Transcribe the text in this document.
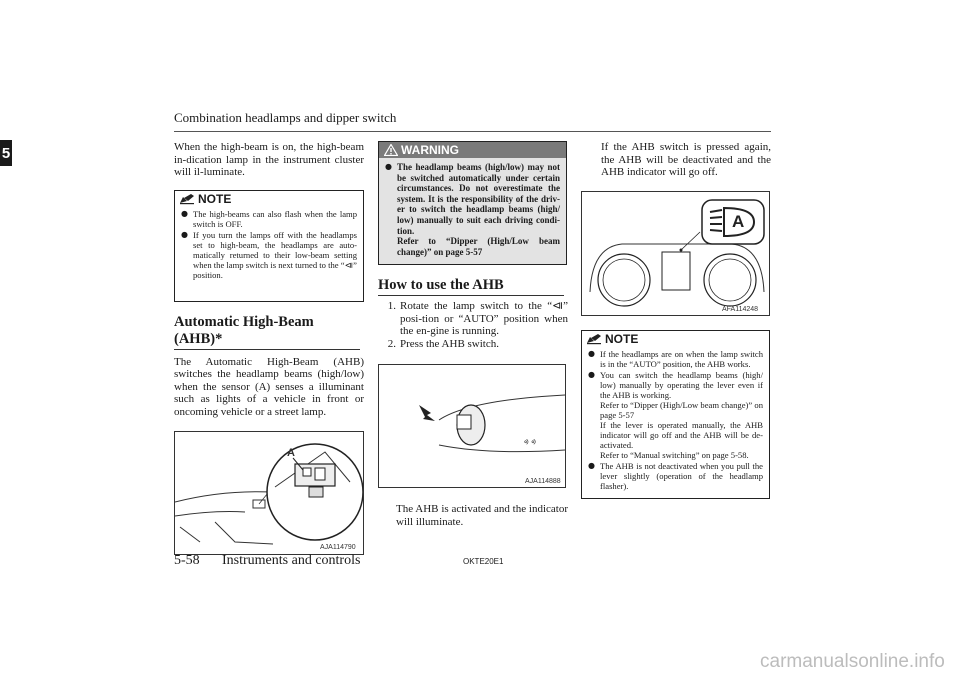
Combination headlamps and dipper switch
5	When the high-beam is on, the high-beam in-dication lamp in the instrument cluster will il-luminate.

NOTE
● The high-beams can also flash when the lamp switch is OFF.
● If you turn the lamps off with the headlamps set to high-beam, the headlamps are auto-matically returned to their low-beam setting when the lamp switch is next turned to the “⧏” position.

Automatic High-Beam (AHB)*

The Automatic High-Beam (AHB) switches the headlamp beams (high/low) when the sensor (A) senses a illuminant such as lights of a vehicle in front or oncoming vehicle or a street lamp.

A
AJA114790
WARNING
● The headlamp beams (high/low) may not be switched automatically under certain circumstances. Do not overestimate the system. It is the responsibility of the driv-er to switch the headlamp beams (high/ low) manually to suit each driving condi-tion.
Refer to “Dipper (High/Low beam change)” on page 5-57

How to use the AHB

1. Rotate the lamp switch to the “⧏” posi-tion or “AUTO” position when the en-gine is running.
2. Press the AHB switch.
ᢀ ᢀ
AJA114888

The AHB is activated and the indicator will illuminate.

If the AHB switch is pressed again, the AHB will be deactivated and the AHB indicator will go off.

A
AFA114248
NOTE
● If the headlamps are on when the lamp switch is in the “AUTO” position, the AHB works.
● You can switch the headlamp beams (high/ low) manually by operating the lever even if the AHB is working.
Refer to “Dipper (High/Low beam change)” on page 5-57
If the lever is operated manually, the AHB indicator will go off and the AHB will be de-activated.
Refer to “Manual switching” on page 5-58.
● The AHB is not deactivated when you pull the lever slightly (operation of the headlamp flasher).
5-58 Instruments and controls	OKTE20E1
carmanualsonline.info
